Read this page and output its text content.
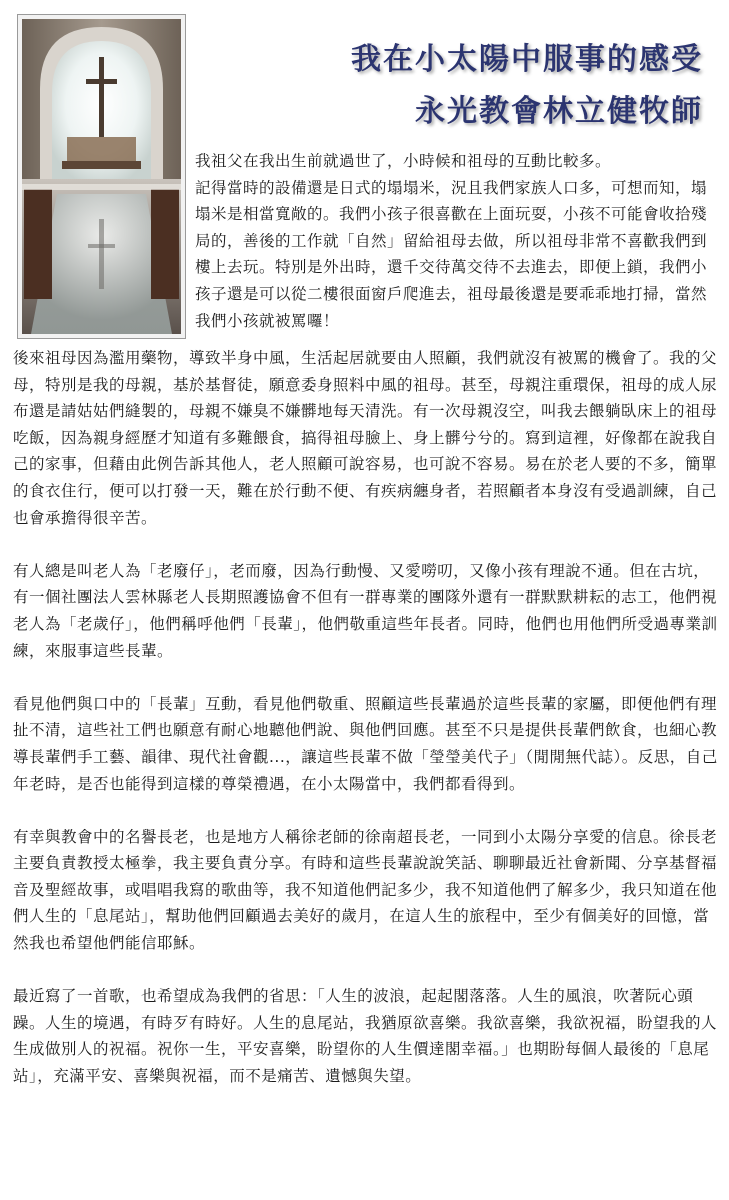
我在小太陽中服事的感受
永光教會林立健牧師

我祖父在我出生前就過世了，小時候和祖母的互動比較多。

記得當時的設備還是日式的塌塌米，況且我們家族人口多，可想而知，塌塌米是相當寬敞的。我們小孩子很喜歡在上面玩耍，小孩不可能會收拾殘局的，善後的工作就「自然」留給祖母去做，所以祖母非常不喜歡我們到樓上去玩。特別是外出時，還千交待萬交待不去進去，即便上鎖，我們小孩子還是可以從二樓很面窗戶爬進去，祖母最後還是要乖乖地打掃，當然我們小孩就被罵囉！

後來祖母因為濫用藥物，導致半身中風，生活起居就要由人照顧，我們就沒有被罵的機會了。我的父母，特別是我的母親，基於基督徒，願意委身照料中風的祖母。甚至，母親注重環保，祖母的成人尿布還是請姑姑們縫製的，母親不嫌臭不嫌髒地每天清洗。有一次母親沒空，叫我去餵躺臥床上的祖母吃飯，因為親身經歷才知道有多難餵食，搞得祖母臉上、身上髒兮兮的。寫到這裡，好像都在說我自己的家事，但藉由此例告訴其他人，老人照顧可說容易，也可說不容易。易在於老人要的不多，簡單的食衣住行，便可以打發一天，難在於行動不便、有疾病纏身者，若照顧者本身沒有受過訓練，自己也會承擔得很辛苦。

有人總是叫老人為「老廢仔」，老而廢，因為行動慢、又愛嘮叨，又像小孩有理說不通。但在古坑，有一個社團法人雲林縣老人長期照護協會不但有一群專業的團隊外還有一群默默耕耘的志工，他們視老人為「老歲仔」，他們稱呼他們「長輩」，他們敬重這些年長者。同時，他們也用他們所受過專業訓練，來服事這些長輩。

看見他們與口中的「長輩」互動，看見他們敬重、照顧這些長輩過於這些長輩的家屬，即便他們有理扯不清，這些社工們也願意有耐心地聽他們說、與他們回應。甚至不只是提供長輩們飲食，也細心教導長輩們手工藝、韻律、現代社會觀...，讓這些長輩不做「瑩瑩美代子」（閒閒無代誌）。反思，自己年老時，是否也能得到這樣的尊榮禮遇，在小太陽當中，我們都看得到。

有幸與教會中的名譽長老，也是地方人稱徐老師的徐南超長老，一同到小太陽分享愛的信息。徐長老主要負責教授太極拳，我主要負責分享。有時和這些長輩說說笑話、聊聊最近社會新聞、分享基督福音及聖經故事，或唱唱我寫的歌曲等，我不知道他們記多少，我不知道他們了解多少，我只知道在他們人生的「息尾站」，幫助他們回顧過去美好的歲月，在這人生的旅程中，至少有個美好的回憶，當然我也希望他們能信耶穌。

最近寫了一首歌，也希望成為我們的省思：「人生的波浪，起起閣落落。人生的風浪，吹著阮心頭躁。人生的境遇，有時歹有時好。人生的息尾站，我猶原欲喜樂。我欲喜樂，我欲祝福，盼望我的人生成做別人的祝福。祝你一生，平安喜樂，盼望你的人生價達閣幸福。」也期盼每個人最後的「息尾站」，充滿平安、喜樂與祝福，而不是痛苦、遺憾與失望。
